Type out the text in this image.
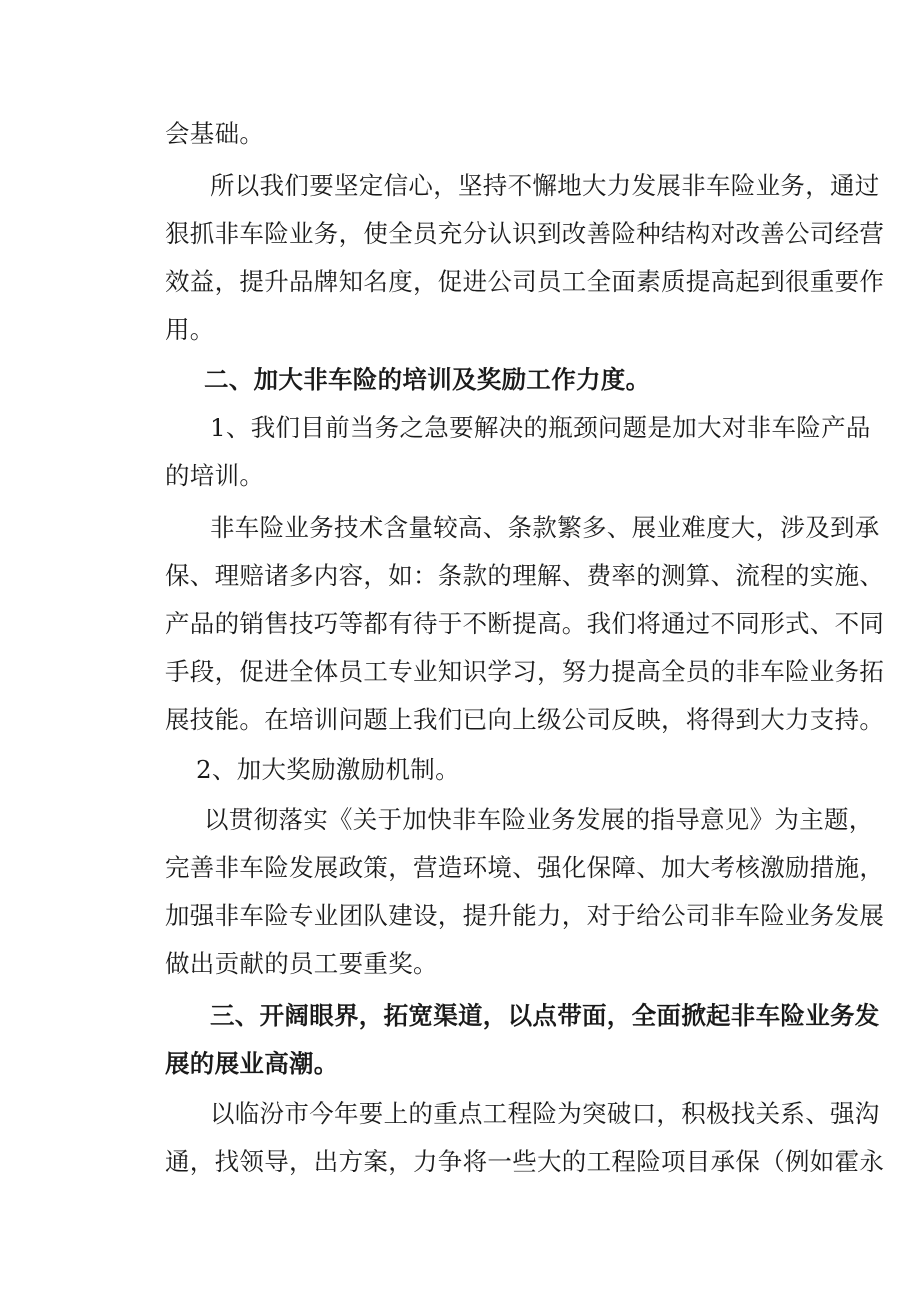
会基础。
所以我们要坚定信心，坚持不懈地大力发展非车险业务，通过
狠抓非车险业务，使全员充分认识到改善险种结构对改善公司经营
效益，提升品牌知名度，促进公司员工全面素质提高起到很重要作
用。
二、加大非车险的培训及奖励工作力度。
1、我们目前当务之急要解决的瓶颈问题是加大对非车险产品
的培训。
非车险业务技术含量较高、条款繁多、展业难度大，涉及到承
保、理赔诸多内容，如：条款的理解、费率的测算、流程的实施、
产品的销售技巧等都有待于不断提高。我们将通过不同形式、不同
手段，促进全体员工专业知识学习，努力提高全员的非车险业务拓
展技能。在培训问题上我们已向上级公司反映，将得到大力支持。
2、加大奖励激励机制。
以贯彻落实《关于加快非车险业务发展的指导意见》为主题，
完善非车险发展政策，营造环境、强化保障、加大考核激励措施，
加强非车险专业团队建设，提升能力，对于给公司非车险业务发展
做出贡献的员工要重奖。
三、开阔眼界，拓宽渠道，以点带面，全面掀起非车险业务发
展的展业高潮。
以临汾市今年要上的重点工程险为突破口，积极找关系、强沟
通，找领导，出方案，力争将一些大的工程险项目承保（例如霍永
